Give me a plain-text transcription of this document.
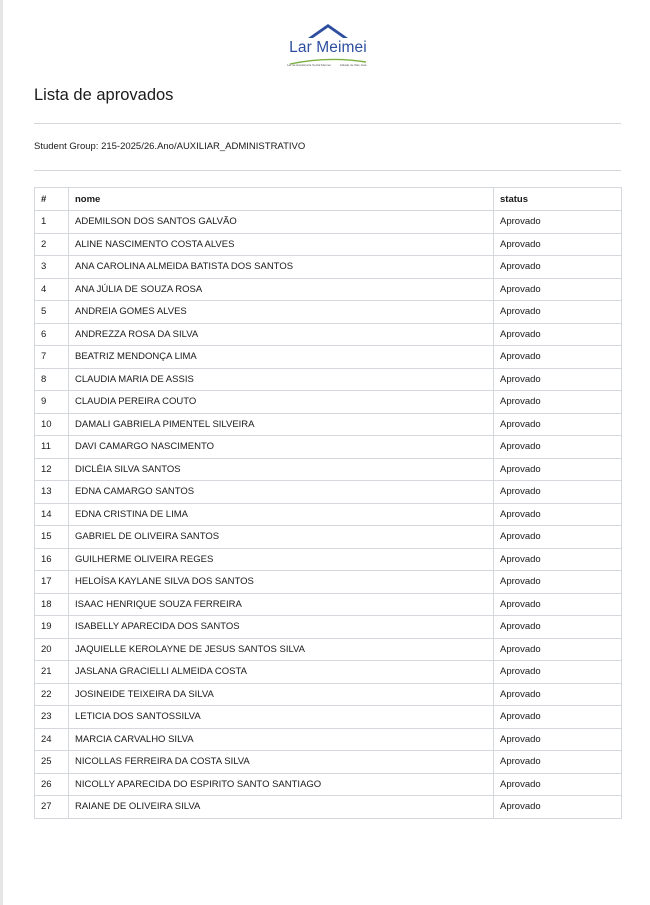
Lar Meimei
Lar de Assistência Social Meimei	Cidade de São José
Lista de aprovados
Student Group: 215-2025/26.Ano/AUXILIAR_ADMINISTRATIVO
#	nome	status
1	ADEMILSON DOS SANTOS GALVÃO	Aprovado
2	ALINE NASCIMENTO COSTA ALVES	Aprovado
3	ANA CAROLINA ALMEIDA BATISTA DOS SANTOS	Aprovado
4	ANA JÚLIA DE SOUZA ROSA	Aprovado
5	ANDREIA GOMES ALVES	Aprovado
6	ANDREZZA ROSA DA SILVA	Aprovado
7	BEATRIZ MENDONÇA LIMA	Aprovado
8	CLAUDIA MARIA DE ASSIS	Aprovado
9	CLAUDIA PEREIRA COUTO	Aprovado
10	DAMALI GABRIELA PIMENTEL SILVEIRA	Aprovado
11	DAVI CAMARGO NASCIMENTO	Aprovado
12	DICLÉIA SILVA SANTOS	Aprovado
13	EDNA CAMARGO SANTOS	Aprovado
14	EDNA CRISTINA DE LIMA	Aprovado
15	GABRIEL DE OLIVEIRA SANTOS	Aprovado
16	GUILHERME OLIVEIRA REGES	Aprovado
17	HELOÍSA KAYLANE SILVA DOS SANTOS	Aprovado
18	ISAAC HENRIQUE SOUZA FERREIRA	Aprovado
19	ISABELLY APARECIDA DOS SANTOS	Aprovado
20	JAQUIELLE KEROLAYNE DE JESUS SANTOS SILVA	Aprovado
21	JASLANA GRACIELLI ALMEIDA COSTA	Aprovado
22	JOSINEIDE TEIXEIRA DA SILVA	Aprovado
23	LETICIA DOS SANTOSSILVA	Aprovado
24	MARCIA CARVALHO SILVA	Aprovado
25	NICOLLAS FERREIRA DA COSTA SILVA	Aprovado
26	NICOLLY APARECIDA DO ESPIRITO SANTO SANTIAGO	Aprovado
27	RAIANE DE OLIVEIRA SILVA	Aprovado
